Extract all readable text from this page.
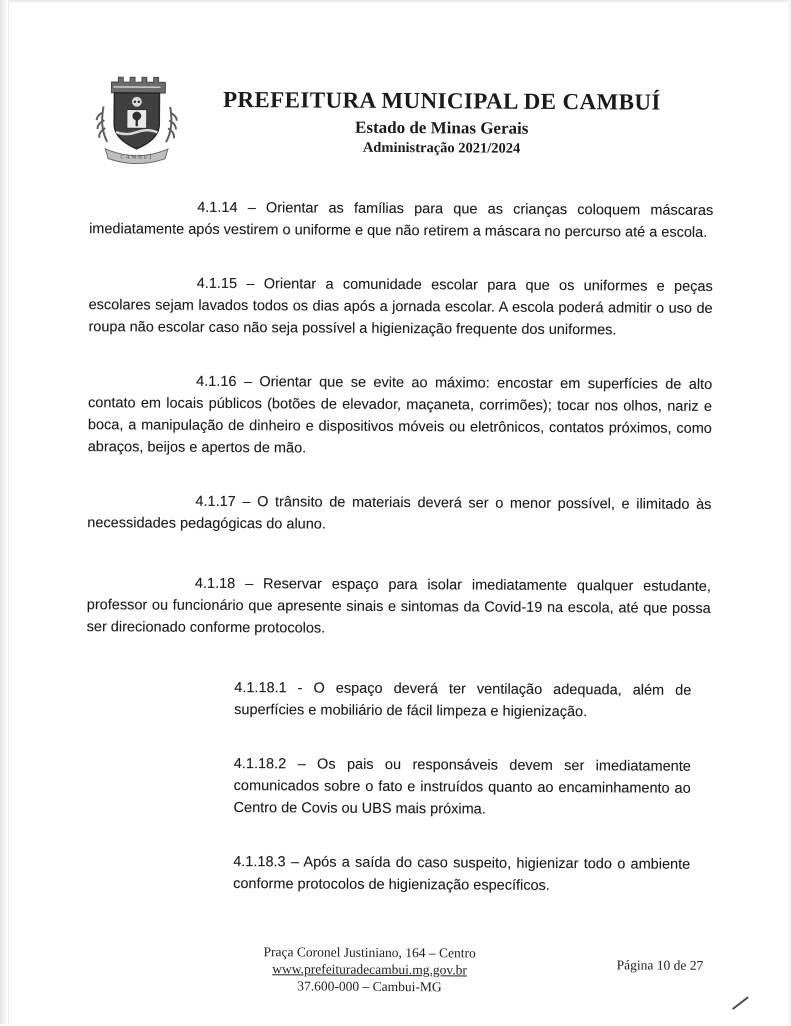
CAMBUÍ
PREFEITURA MUNICIPAL DE CAMBUÍ
Estado de Minas Gerais
Administração 2021/2024

4.1.14 – Orientar as famílias para que as crianças coloquem máscaras imediatamente após vestirem o uniforme e que não retirem a máscara no percurso até a escola.

4.1.15 – Orientar a comunidade escolar para que os uniformes e peças escolares sejam lavados todos os dias após a jornada escolar. A escola poderá admitir o uso de roupa não escolar caso não seja possível a higienização frequente dos uniformes.

4.1.16 – Orientar que se evite ao máximo: encostar em superfícies de alto contato em locais públicos (botões de elevador, maçaneta, corrimões); tocar nos olhos, nariz e boca, a manipulação de dinheiro e dispositivos móveis ou eletrônicos, contatos próximos, como abraços, beijos e apertos de mão.

4.1.17 – O trânsito de materiais deverá ser o menor possível, e ilimitado às necessidades pedagógicas do aluno.

4.1.18 – Reservar espaço para isolar imediatamente qualquer estudante, professor ou funcionário que apresente sinais e sintomas da Covid-19 na escola, até que possa ser direcionado conforme protocolos.

4.1.18.1 - O espaço deverá ter ventilação adequada, além de superfícies e mobiliário de fácil limpeza e higienização.

4.1.18.2 – Os pais ou responsáveis devem ser imediatamente comunicados sobre o fato e instruídos quanto ao encaminhamento ao Centro de Covis ou UBS mais próxima.

4.1.18.3 – Após a saída do caso suspeito, higienizar todo o ambiente conforme protocolos de higienização específicos.

Praça Coronel Justiniano, 164 – Centro
www.prefeituradecambui.mg.gov.br
37.600-000 – Cambui-MG
Página 10 de 27
